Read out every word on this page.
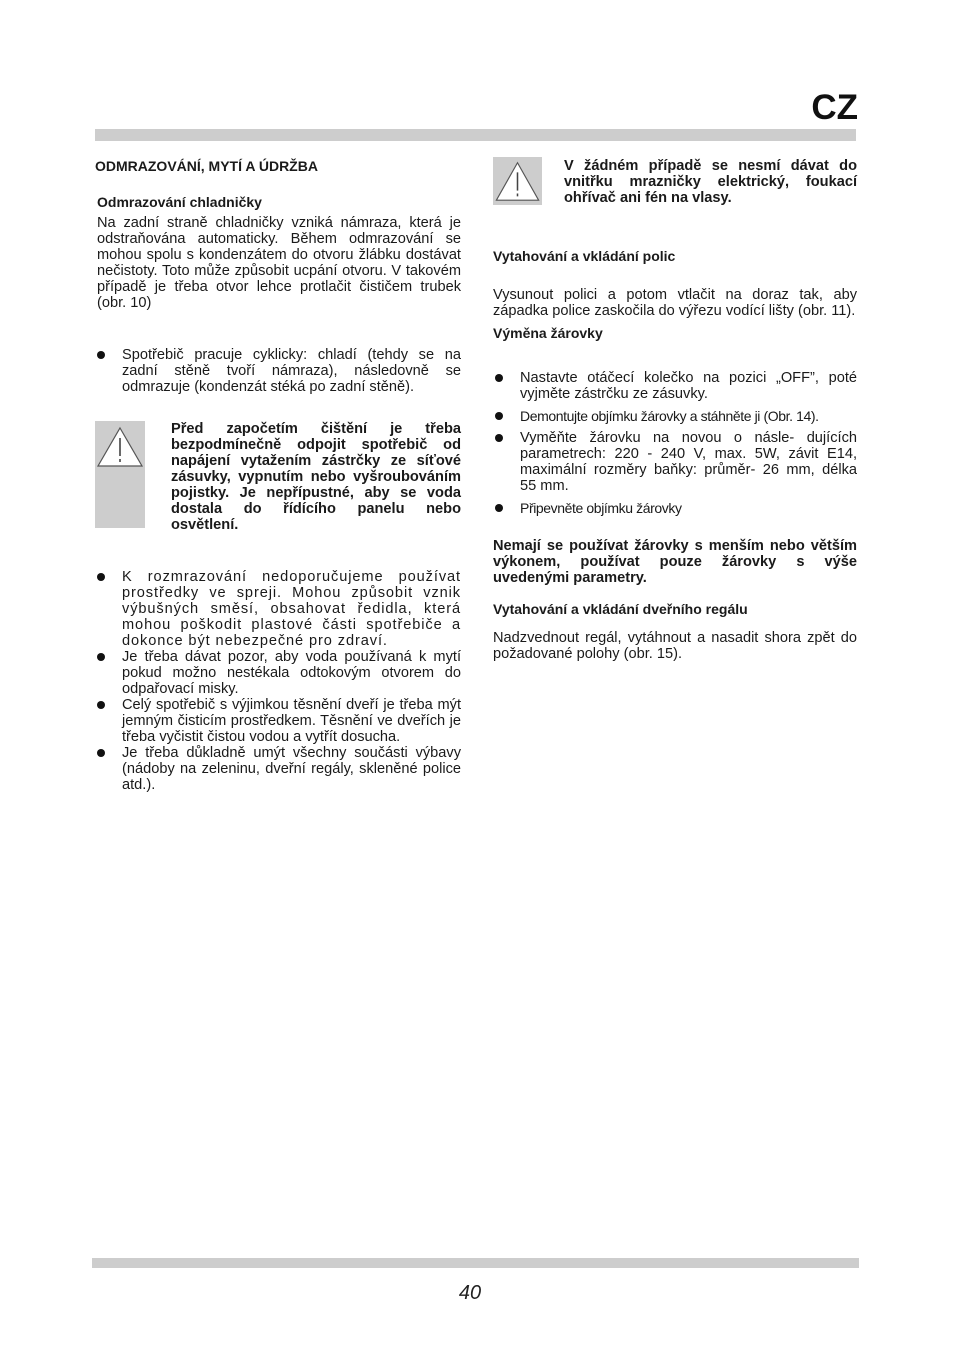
CZ
ODMRAZOVÁNÍ, MYTÍ A ÚDRŽBA
Odmrazování chladničky
Na zadní straně chladničky vzniká námraza, která je odstraňována automaticky. Během odmrazování se mohou spolu s kondenzátem do otvoru žlábku dostávat nečistoty. Toto může způsobit ucpání otvoru. V takovém případě je třeba otvor lehce protlačit čističem trubek (obr. 10)
Spotřebič pracuje cyklicky: chladí (tehdy se na zadní stěně tvoří námraza), následovně se odmrazuje (kondenzát stéká po zadní stěně).
Před započetím čištění je třeba bezpodmínečně odpojit spotřebič od napájení vytažením zástrčky ze síťové zásuvky, vypnutím nebo vyšroubováním pojistky. Je nepřípustné, aby se voda dostala do řídícího panelu nebo osvětlení.
K rozmrazování nedoporučujeme používat prostředky ve spreji. Mohou způsobit vznik výbušných směsí, obsahovat ředidla, která mohou poškodit plastové části spotřebiče a dokonce být nebezpečné pro zdraví.
Je třeba dávat pozor, aby voda používaná k mytí pokud možno nestékala odtokovým otvorem do odpařovací misky.
Celý spotřebič s výjimkou těsnění dveří je třeba mýt jemným čisticím prostředkem. Těsnění ve dveřích je třeba vyčistit čistou vodou a vytřít dosucha.
Je třeba důkladně umýt všechny součásti výbavy (nádoby na zeleninu, dveřní regály, skleněné police atd.).
V žádném případě se nesmí dávat do vnitřku mrazničky elektrický, foukací ohřívač ani fén na vlasy.
Vytahování a vkládání polic
Vysunout polici a potom vtlačit na doraz tak, aby západka police zaskočila do výřezu vodící lišty (obr. 11).
Výměna žárovky
Nastavte otáčecí kolečko na pozici „OFF”, poté vyjměte zástrčku ze zásuvky.
Demontujte objímku žárovky a stáhněte ji (Obr. 14).
Vyměňte žárovku na novou o násle- dujících parametrech: 220 - 240 V, max. 5W, závit E14, maximální rozměry baňky: průměr- 26 mm, délka 55 mm.
Připevněte objímku žárovky
Nemají se používat žárovky s menším nebo větším výkonem, používat pouze žárovky s výše uvedenými parametry.
Vytahování a vkládání dveřního regálu
Nadzvednout regál, vytáhnout a nasadit shora zpět do požadované polohy (obr. 15).
40
